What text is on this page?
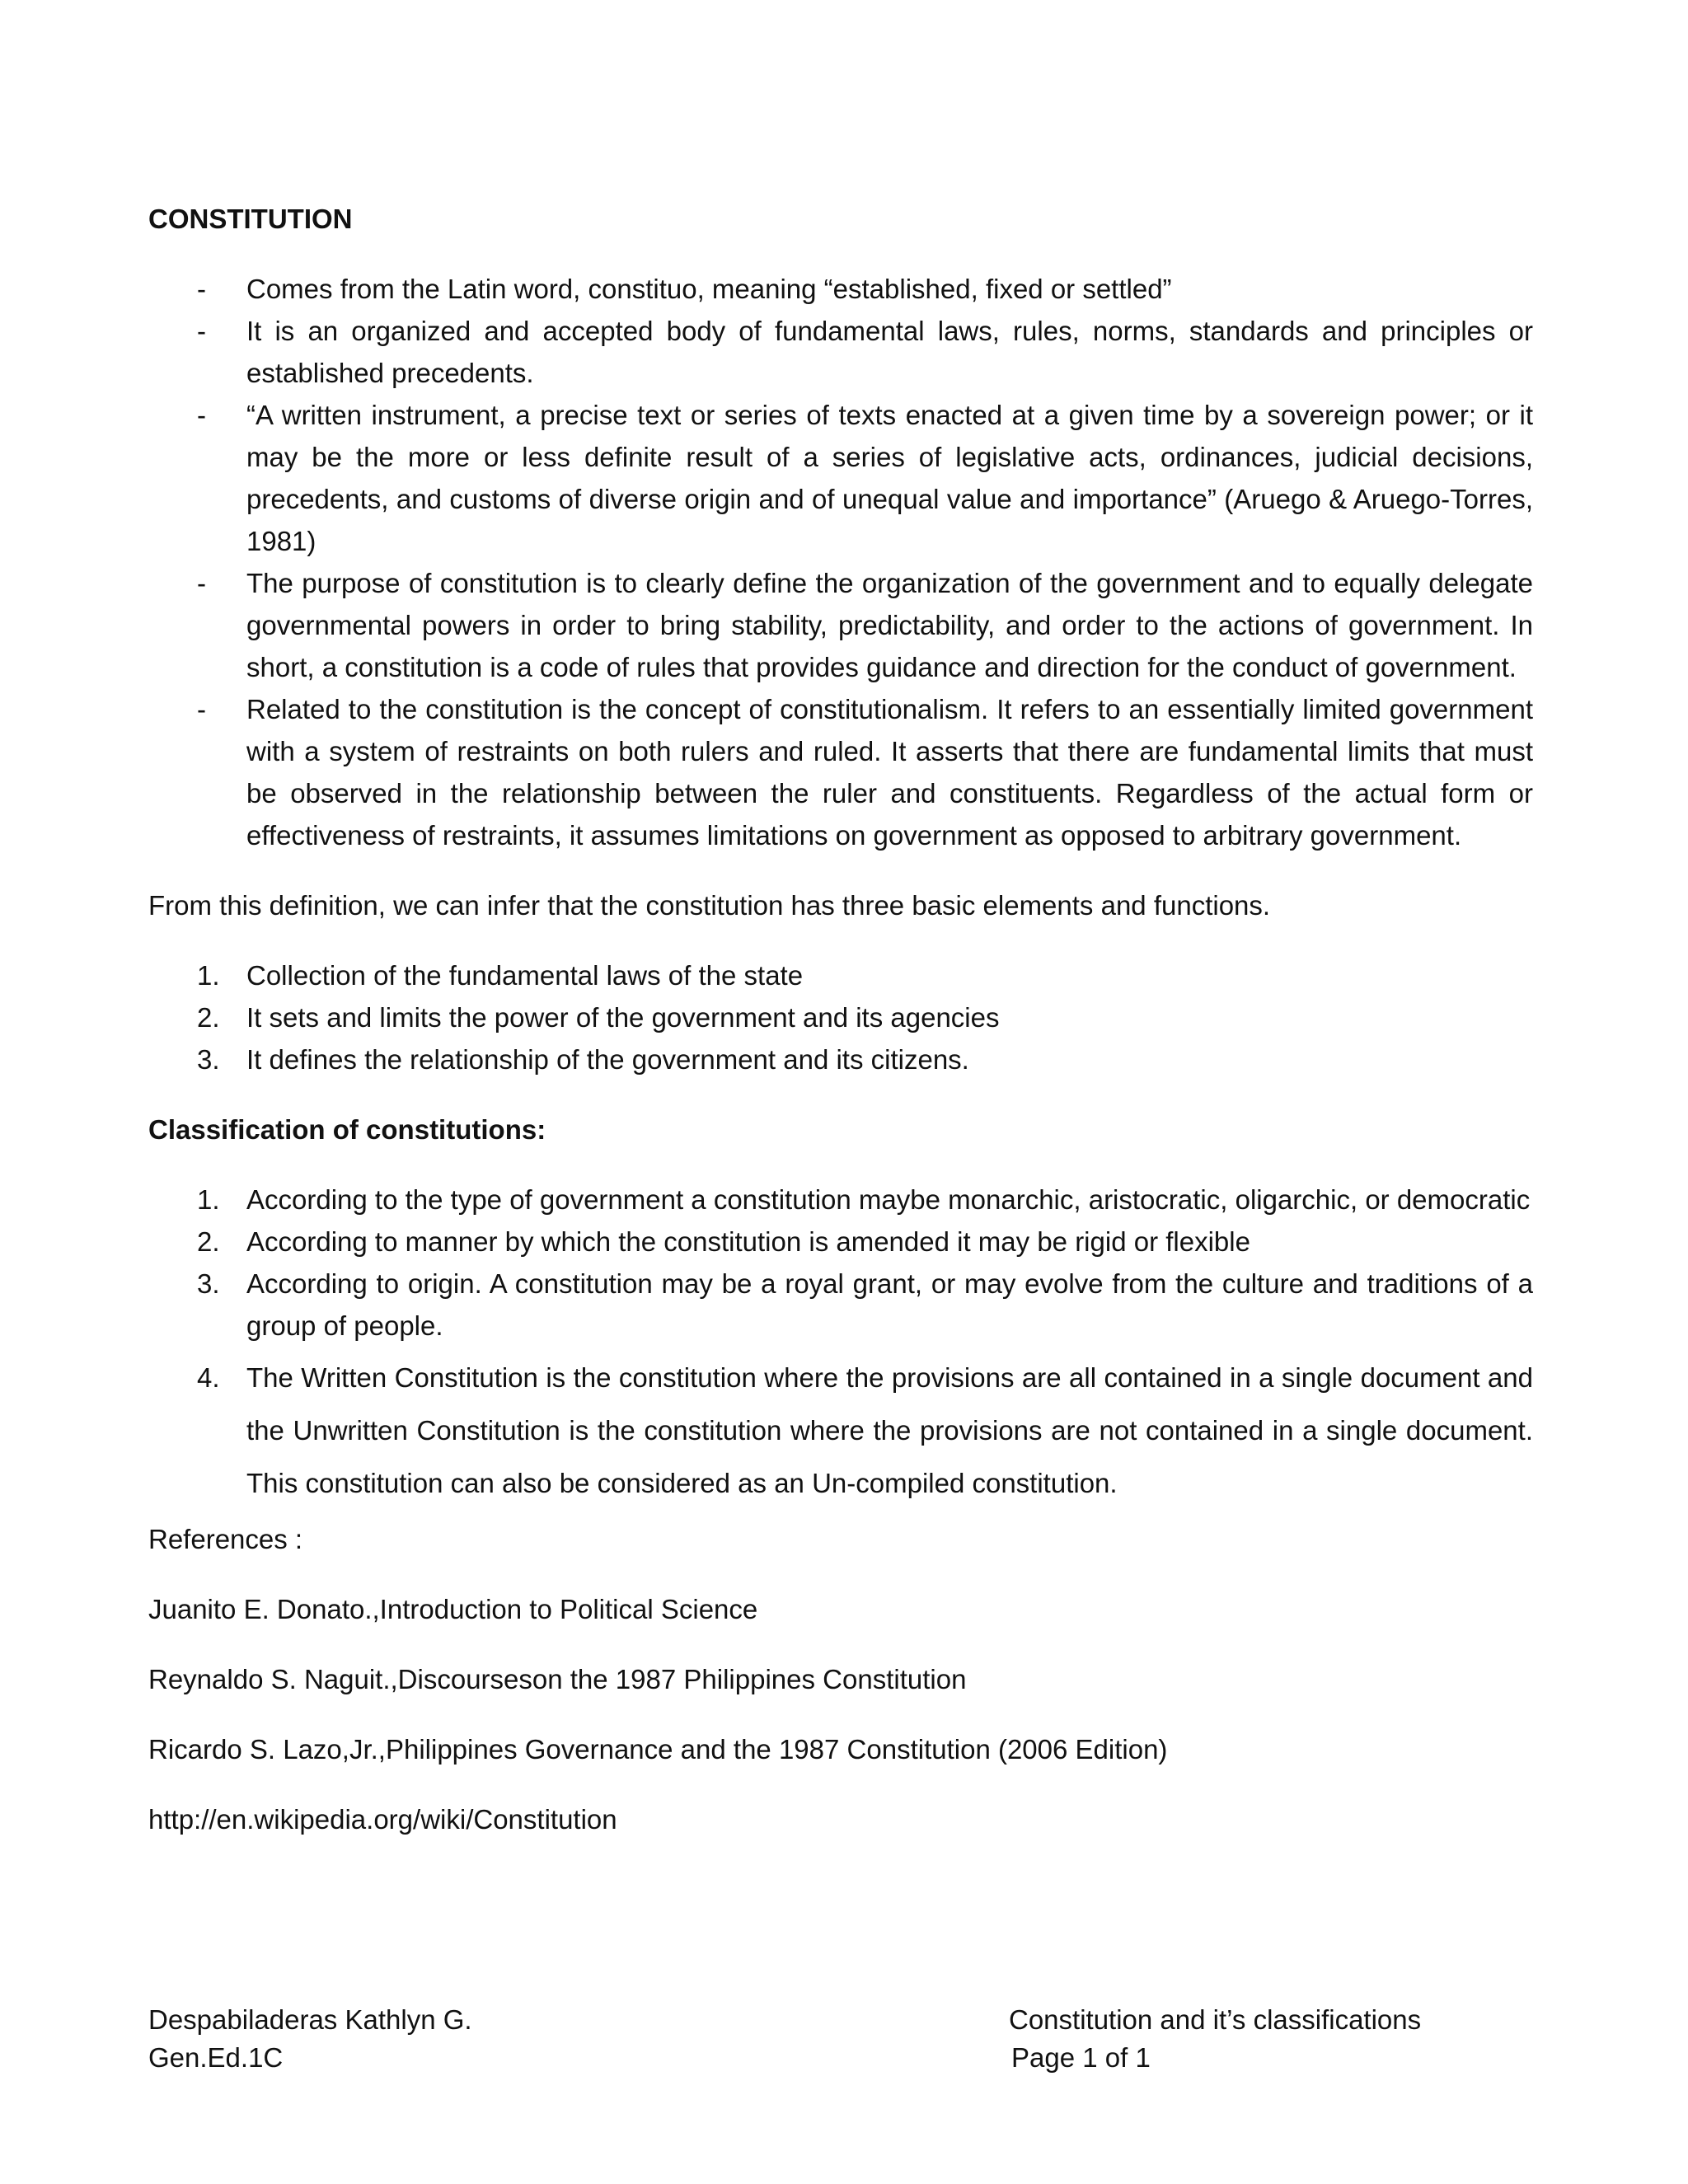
CONSTITUTION
- Comes from the Latin word, constituo, meaning “established, fixed or settled”
- It is an organized and accepted body of fundamental laws, rules, norms, standards and principles or established precedents.
- “A written instrument, a precise text or series of texts enacted at a given time by a sovereign power; or it may be the more or less definite result of a series of legislative acts, ordinances, judicial decisions, precedents, and customs of diverse origin and of unequal value and importance” (Aruego & Aruego-Torres, 1981)
- The purpose of constitution is to clearly define the organization of the government and to equally delegate governmental powers in order to bring stability, predictability, and order to the actions of government. In short, a constitution is a code of rules that provides guidance and direction for the conduct of government.
- Related to the constitution is the concept of constitutionalism. It refers to an essentially limited government with a system of restraints on both rulers and ruled. It asserts that there are fundamental limits that must be observed in the relationship between the ruler and constituents. Regardless of the actual form or effectiveness of restraints, it assumes limitations on government as opposed to arbitrary government.

From this definition, we can infer that the constitution has three basic elements and functions.

1. Collection of the fundamental laws of the state
2. It sets and limits the power of the government and its agencies
3. It defines the relationship of the government and its citizens.
Classification of constitutions:
1. According to the type of government a constitution maybe monarchic, aristocratic, oligarchic, or democratic
2. According to manner by which the constitution is amended it may be rigid or flexible
3. According to origin. A constitution may be a royal grant, or may evolve from the culture and traditions of a group of people.
4. The Written Constitution is the constitution where the provisions are all contained in a single document and the Unwritten Constitution is the constitution where the provisions are not contained in a single document. This constitution can also be considered as an Un-compiled constitution.
References :
Juanito E. Donato.,Introduction to Political Science
Reynaldo S. Naguit.,Discourseson the 1987 Philippines Constitution
Ricardo S. Lazo,Jr.,Philippines Governance and the 1987 Constitution (2006 Edition)
http://en.wikipedia.org/wiki/Constitution
Despabiladeras Kathlyn G.
Gen.Ed.1C
Constitution and it’s classifications
Page 1 of 1
